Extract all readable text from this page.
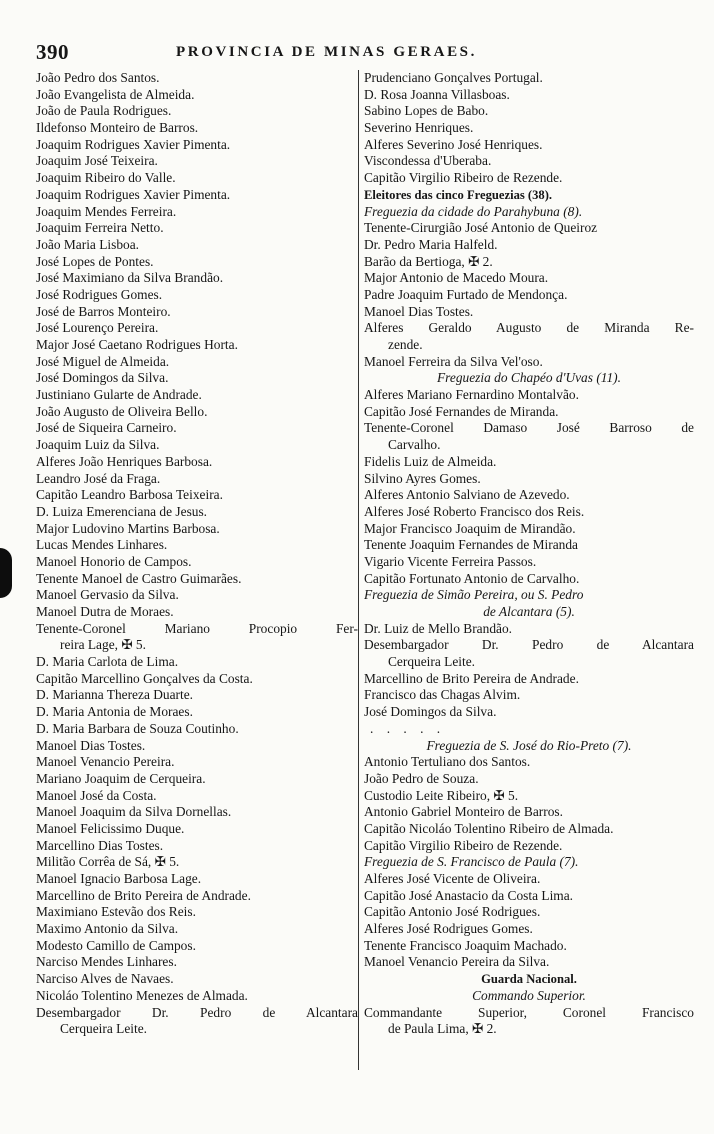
390	PROVINCIA DE MINAS GERAES.
João Pedro dos Santos.
João Evangelista de Almeida.
João de Paula Rodrigues.
Ildefonso Monteiro de Barros.
Joaquim Rodrigues Xavier Pimenta.
Joaquim José Teixeira.
Joaquim Ribeiro do Valle.
Joaquim Rodrigues Xavier Pimenta.
Joaquim Mendes Ferreira.
Joaquim Ferreira Netto.
João Maria Lisboa.
José Lopes de Pontes.
José Maximiano da Silva Brandão.
José Rodrigues Gomes.
José de Barros Monteiro.
José Lourenço Pereira.
Major José Caetano Rodrigues Horta.
José Miguel de Almeida.
José Domingos da Silva.
Justiniano Gularte de Andrade.
João Augusto de Oliveira Bello.
José de Siqueira Carneiro.
Joaquim Luiz da Silva.
Alferes João Henriques Barbosa.
Leandro José da Fraga.
Capitão Leandro Barbosa Teixeira.
D. Luiza Emerenciana de Jesus.
Major Ludovino Martins Barbosa.
Lucas Mendes Linhares.
Manoel Honorio de Campos.
Tenente Manoel de Castro Guimarães.
Manoel Gervasio da Silva.
Manoel Dutra de Moraes.
Tenente-Coronel Mariano Procopio Fer-
reira Lage, ✠ 5.
D. Maria Carlota de Lima.
Capitão Marcellino Gonçalves da Costa.
D. Marianna Thereza Duarte.
D. Maria Antonia de Moraes.
D. Maria Barbara de Souza Coutinho.
Manoel Dias Tostes.
Manoel Venancio Pereira.
Mariano Joaquim de Cerqueira.
Manoel José da Costa.
Manoel Joaquim da Silva Dornellas.
Manoel Felicissimo Duque.
Marcellino Dias Tostes.
Militão Corrêa de Sá, ✠ 5.
Manoel Ignacio Barbosa Lage.
Marcellino de Brito Pereira de Andrade.
Maximiano Estevão dos Reis.
Maximo Antonio da Silva.
Modesto Camillo de Campos.
Narciso Mendes Linhares.
Narciso Alves de Navaes.
Nicoláo Tolentino Menezes de Almada.
Desembargador Dr. Pedro de Alcantara
Cerqueira Leite.
Prudenciano Gonçalves Portugal.
D. Rosa Joanna Villasboas.
Sabino Lopes de Babo.
Severino Henriques.
Alferes Severino José Henriques.
Viscondessa d'Uberaba.
Capitão Virgilio Ribeiro de Rezende.
Eleitores das cinco Freguezias (38).
Freguezia da cidade do Parahybuna (8).
Tenente-Cirurgião José Antonio de Queiroz
Dr. Pedro Maria Halfeld.
Barão da Bertioga, ✠ 2.
Major Antonio de Macedo Moura.
Padre Joaquim Furtado de Mendonça.
Manoel Dias Tostes.
Alferes Geraldo Augusto de Miranda Re-
zende.
Manoel Ferreira da Silva Vel'oso.
Freguezia do Chapéo d'Uvas (11).
Alferes Mariano Fernardino Montalvão.
Capitão José Fernandes de Miranda.
Tenente-Coronel Damaso José Barroso de
Carvalho.
Fidelis Luiz de Almeida.
Silvino Ayres Gomes.
Alferes Antonio Salviano de Azevedo.
Alferes José Roberto Francisco dos Reis.
Major Francisco Joaquim de Mirandão.
Tenente Joaquim Fernandes de Miranda
Vigario Vicente Ferreira Passos.
Capitão Fortunato Antonio de Carvalho.
Freguezia de Simão Pereira, ou S. Pedro
de Alcantara (5).
Dr. Luiz de Mello Brandão.
Desembargador Dr. Pedro de Alcantara
Cerqueira Leite.
Marcellino de Brito Pereira de Andrade.
Francisco das Chagas Alvim.
José Domingos da Silva.
. . . . .
Freguezia de S. José do Rio-Preto (7).
Antonio Tertuliano dos Santos.
João Pedro de Souza.
Custodio Leite Ribeiro, ✠ 5.
Antonio Gabriel Monteiro de Barros.
Capitão Nicoláo Tolentino Ribeiro de Almada.
Capitão Virgilio Ribeiro de Rezende.
Freguezia de S. Francisco de Paula (7).
Alferes José Vicente de Oliveira.
Capitão José Anastacio da Costa Lima.
Capitão Antonio José Rodrigues.
Alferes José Rodrigues Gomes.
Tenente Francisco Joaquim Machado.
Manoel Venancio Pereira da Silva.
Guarda Nacional.
Commando Superior.
Commandante Superior, Coronel Francisco
de Paula Lima, ✠ 2.
